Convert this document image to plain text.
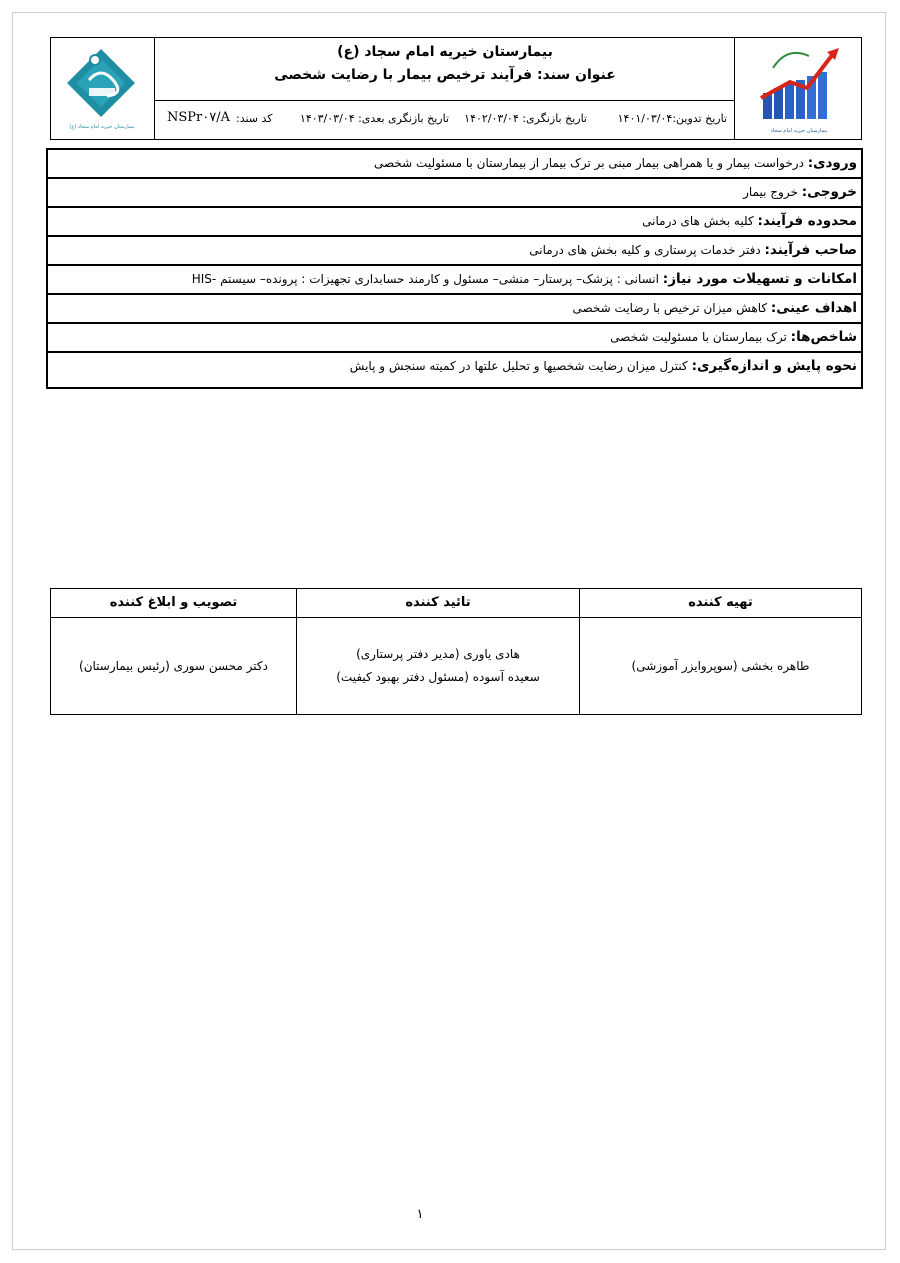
بیمارستان خیریه امام سجاد (ع)
بیمارستان خیریه امام سجاد (ع)
عنوان سند: فرآیند ترخیص بیمار با رضایت شخصی
تاریخ تدوین:۱۴۰۱/۰۳/۰۴
تاریخ بازنگری: ۱۴۰۲/۰۳/۰۴
تاریخ بازنگری بعدی: ۱۴۰۳/۰۳/۰۴
کد سند:
NSPr۰۷/A
بیمارستان خیریه امام سجاد
ورودی: درخواست بیمار و یا همراهی بیمار مبنی بر ترک بیمار از بیمارستان با مسئولیت شخصی
خروجی: خروج بیمار
محدوده فرآیند: کلیه بخش های درمانی
صاحب فرآیند: دفتر خدمات پرستاری و کلیه بخش های درمانی
امکانات و تسهیلات مورد نیاز: انسانی : پزشک– پرستار– منشی– مسئول و کارمند حسابداری تجهیزات : پرونده– سیستم -HIS
اهداف عینی: کاهش میزان ترخیص با رضایت شخصی
شاخص‌ها: ترک بیمارستان با مسئولیت شخصی
نحوه پایش و اندازه‌گیری: کنترل میزان رضایت شخصیها و تحلیل علتها در کمیته سنجش و پایش
تصویب و ابلاغ کننده
دکتر محسن سوری (رئیس بیمارستان)
تائید کننده
هادی یاوری (مدیر دفتر پرستاری)
سعیده آسوده (مسئول دفتر بهبود کیفیت)
تهیه کننده
طاهره بخشی (سوپروایزر آموزشی)
۱
